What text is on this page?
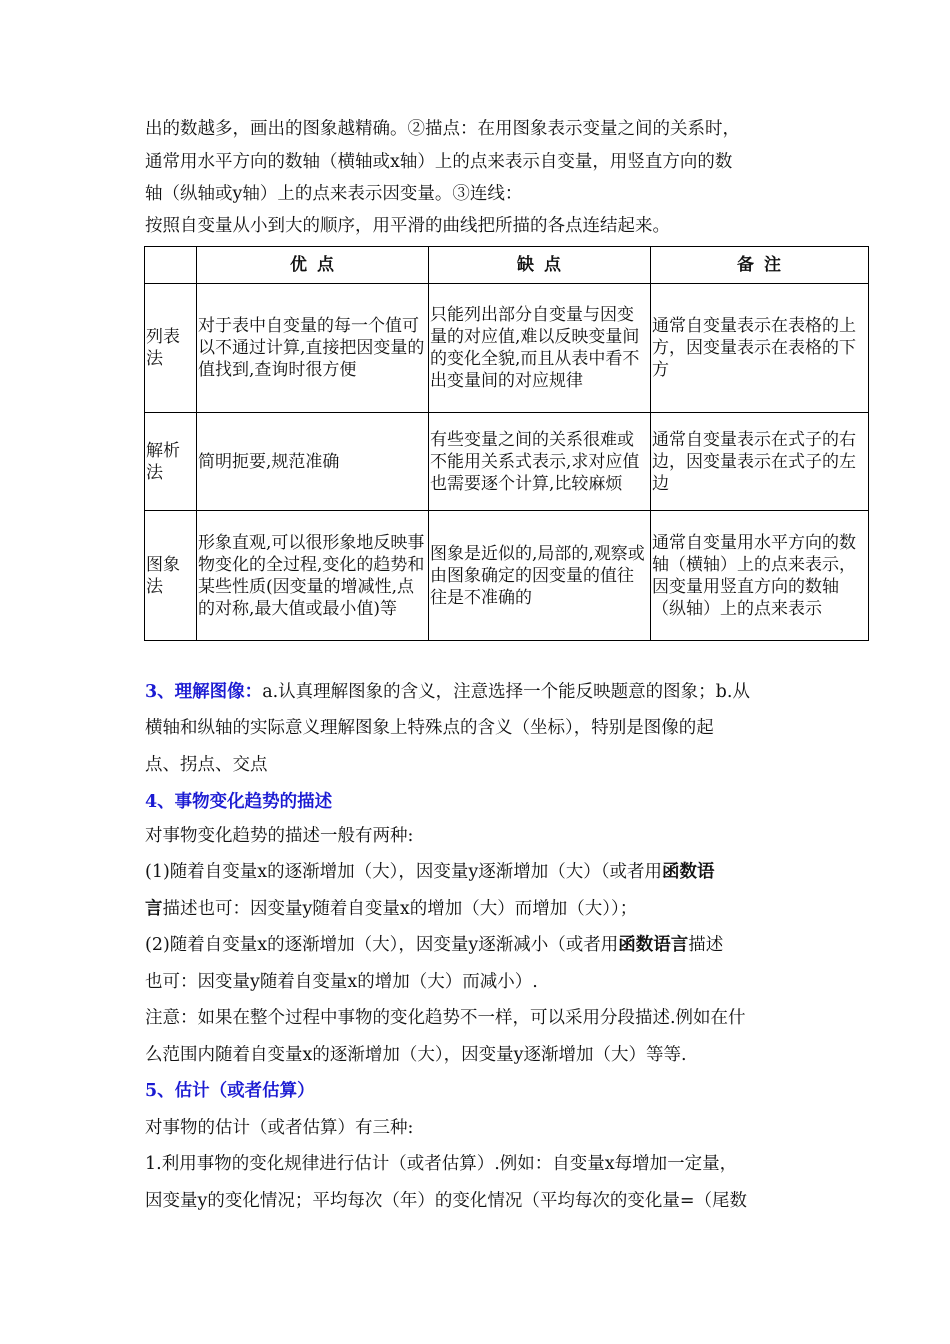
出的数越多，画出的图象越精确。②描点：在用图象表示变量之间的关系时，
通常用水平方向的数轴（横轴或x轴）上的点来表示自变量，用竖直方向的数
轴（纵轴或y轴）上的点来表示因变量。③连线：
按照自变量从小到大的顺序，用平滑的曲线把所描的各点连结起来。
	优 点	缺 点	备 注
列表法	对于表中自变量的每一个值可以不通过计算,直接把因变量的值找到,查询时很方便	只能列出部分自变量与因变量的对应值,难以反映变量间的变化全貌,而且从表中看不出变量间的对应规律	通常自变量表示在表格的上方，因变量表示在表格的下方
解析法	简明扼要,规范准确	有些变量之间的关系很难或不能用关系式表示,求对应值也需要逐个计算,比较麻烦	通常自变量表示在式子的右边，因变量表示在式子的左边
图象法	形象直观,可以很形象地反映事物变化的全过程,变化的趋势和某些性质(因变量的增减性,点的对称,最大值或最小值)等	图象是近似的,局部的,观察或由图象确定的因变量的值往往是不准确的	通常自变量用水平方向的数轴（横轴）上的点来表示，因变量用竖直方向的数轴（纵轴）上的点来表示
3、理解图像：a.认真理解图象的含义，注意选择一个能反映题意的图象；b.从
横轴和纵轴的实际意义理解图象上特殊点的含义（坐标），特别是图像的起
点、拐点、交点
4、事物变化趋势的描述
对事物变化趋势的描述一般有两种:
(1)随着自变量x的逐渐增加（大），因变量y逐渐增加（大）（或者用函数语
言描述也可：因变量y随着自变量x的增加（大）而增加（大））；
(2)随着自变量x的逐渐增加（大），因变量y逐渐减小（或者用函数语言描述
也可：因变量y随着自变量x的增加（大）而减小）.
注意：如果在整个过程中事物的变化趋势不一样，可以采用分段描述.例如在什
么范围内随着自变量x的逐渐增加（大），因变量y逐渐增加（大）等等.
5、估计（或者估算）
对事物的估计（或者估算）有三种:
1.利用事物的变化规律进行估计（或者估算）.例如：自变量x每增加一定量，
因变量y的变化情况；平均每次（年）的变化情况（平均每次的变化量=（尾数
